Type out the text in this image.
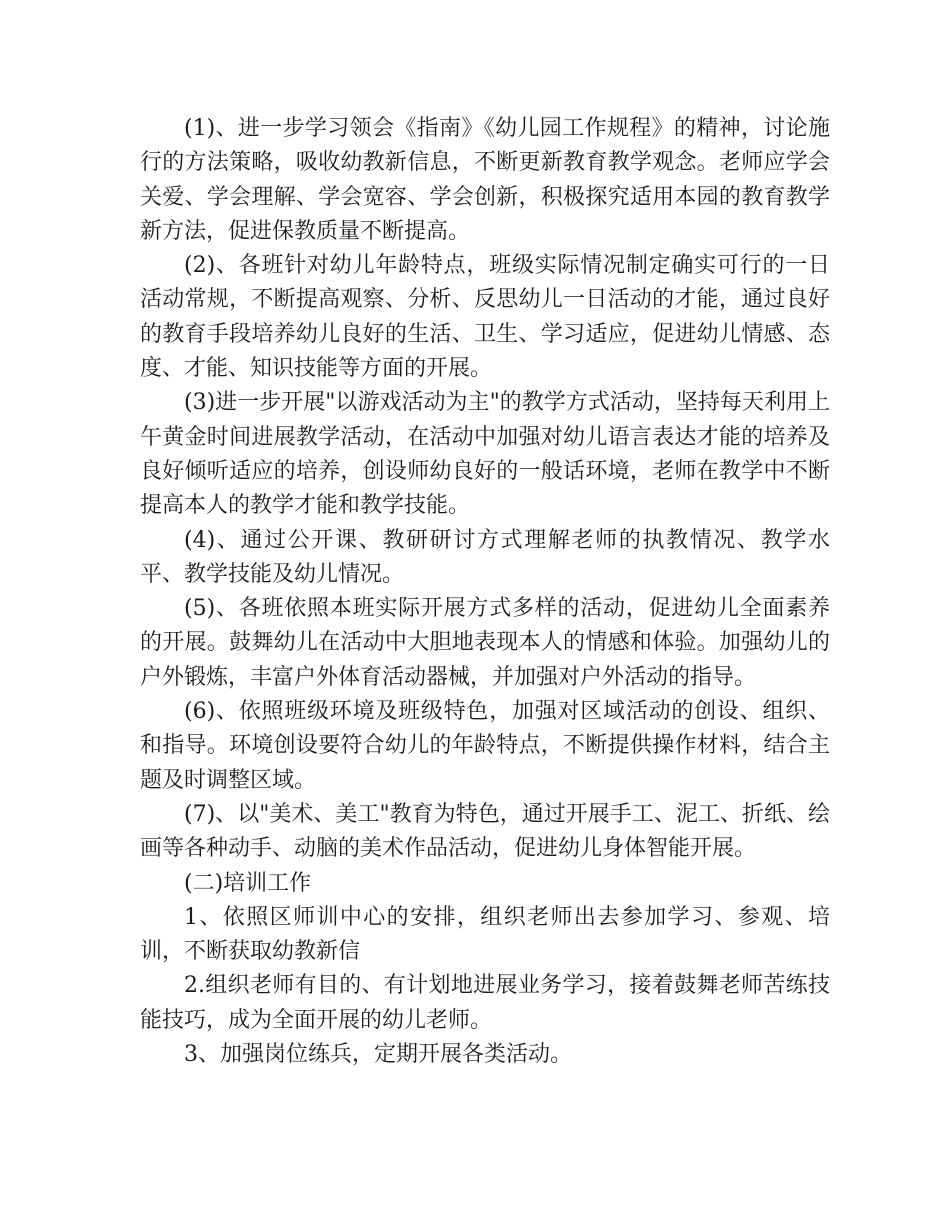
(1)、进一步学习领会《指南》《幼儿园工作规程》的精神，讨论施行的方法策略，吸收幼教新信息，不断更新教育教学观念。老师应学会关爱、学会理解、学会宽容、学会创新，积极探究适用本园的教育教学新方法，促进保教质量不断提高。

(2)、各班针对幼儿年龄特点，班级实际情况制定确实可行的一日活动常规，不断提高观察、分析、反思幼儿一日活动的才能，通过良好的教育手段培养幼儿良好的生活、卫生、学习适应，促进幼儿情感、态度、才能、知识技能等方面的开展。

(3)进一步开展"以游戏活动为主"的教学方式活动，坚持每天利用上午黄金时间进展教学活动，在活动中加强对幼儿语言表达才能的培养及良好倾听适应的培养，创设师幼良好的一般话环境，老师在教学中不断提高本人的教学才能和教学技能。

(4)、通过公开课、教研研讨方式理解老师的执教情况、教学水平、教学技能及幼儿情况。

(5)、各班依照本班实际开展方式多样的活动，促进幼儿全面素养的开展。鼓舞幼儿在活动中大胆地表现本人的情感和体验。加强幼儿的户外锻炼，丰富户外体育活动器械，并加强对户外活动的指导。

(6)、依照班级环境及班级特色，加强对区域活动的创设、组织、和指导。环境创设要符合幼儿的年龄特点，不断提供操作材料，结合主题及时调整区域。

(7)、以"美术、美工"教育为特色，通过开展手工、泥工、折纸、绘画等各种动手、动脑的美术作品活动，促进幼儿身体智能开展。

(二)培训工作

1、依照区师训中心的安排，组织老师出去参加学习、参观、培训，不断获取幼教新信

2.组织老师有目的、有计划地进展业务学习，接着鼓舞老师苦练技能技巧，成为全面开展的幼儿老师。

3、加强岗位练兵，定期开展各类活动。
